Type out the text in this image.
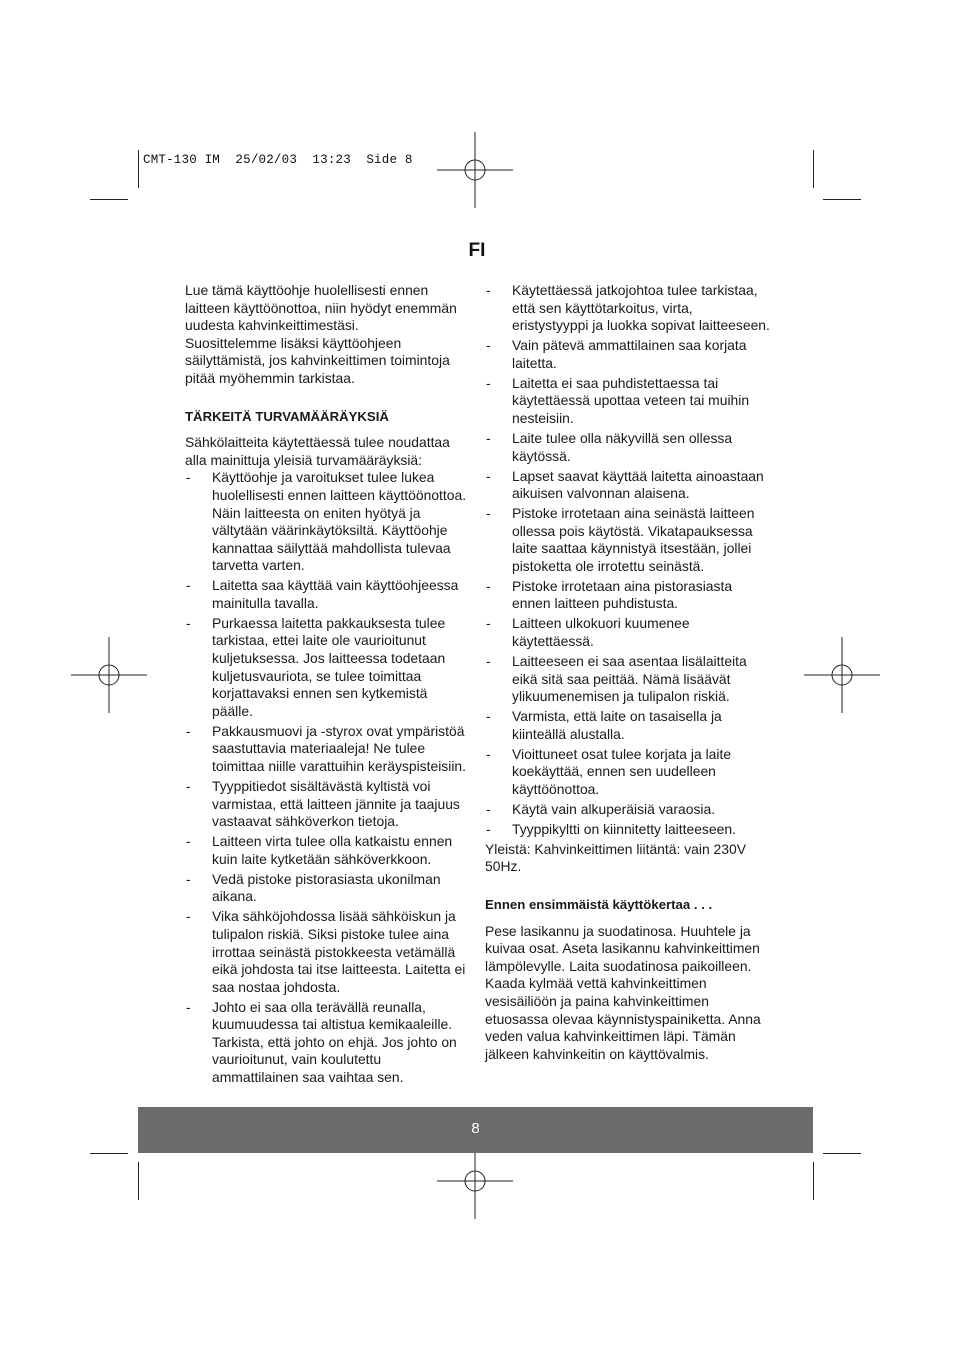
CMT-130 IM  25/02/03  13:23  Side 8
FI

Lue tämä käyttöohje huolellisesti ennen laitteen käyttöönottoa, niin hyödyt enemmän uudesta kahvinkeittimestäsi.
Suosittelemme lisäksi käyttöohjeen säilyttämistä, jos kahvinkeittimen toimintoja pitää myöhemmin tarkistaa.

TÄRKEITÄ TURVAMÄÄRÄYKSIÄ

Sähkölaitteita käytettäessä tulee noudattaa alla mainittuja yleisiä turvamääräyksiä:

- Käyttöohje ja varoitukset tulee lukea huolellisesti ennen laitteen käyttöönottoa. Näin laitteesta on eniten hyötyä ja vältytään väärinkäytöksiltä. Käyttöohje kannattaa säilyttää mahdollista tulevaa tarvetta varten.
- Laitetta saa käyttää vain käyttöohjeessa mainitulla tavalla.
- Purkaessa laitetta pakkauksesta tulee tarkistaa, ettei laite ole vaurioitunut kuljetuksessa. Jos laitteessa todetaan kuljetusvauriota, se tulee toimittaa korjattavaksi ennen sen kytkemistä päälle.
- Pakkausmuovi ja -styrox ovat ympäristöä saastuttavia materiaaleja! Ne tulee toimittaa niille varattuihin keräyspisteisiin.
- Tyyppitiedot sisältävästä kyltistä voi varmistaa, että laitteen jännite ja taajuus vastaavat sähköverkon tietoja.
- Laitteen virta tulee olla katkaistu ennen kuin laite kytketään sähköverkkoon.
- Vedä pistoke pistorasiasta ukonilman aikana.
- Vika sähköjohdossa lisää sähköiskun ja tulipalon riskiä. Siksi pistoke tulee aina irrottaa seinästä pistokkeesta vetämällä eikä johdosta tai itse laitteesta. Laitetta ei saa nostaa johdosta.
- Johto ei saa olla terävällä reunalla, kuumuudessa tai altistua kemikaaleille. Tarkista, että johto on ehjä. Jos johto on vaurioitunut, vain koulutettu ammattilainen saa vaihtaa sen.
- Käytettäessä jatkojohtoa tulee tarkistaa, että sen käyttötarkoitus, virta, eristystyyppi ja luokka sopivat laitteeseen.
- Vain pätevä ammattilainen saa korjata laitetta.
- Laitetta ei saa puhdistettaessa tai käytettäessä upottaa veteen tai muihin nesteisiin.
- Laite tulee olla näkyvillä sen ollessa käytössä.
- Lapset saavat käyttää laitetta ainoastaan aikuisen valvonnan alaisena.
- Pistoke irrotetaan aina seinästä laitteen ollessa pois käytöstä. Vikatapauksessa laite saattaa käynnistyä itsestään, jollei pistoketta ole irrotettu seinästä.
- Pistoke irrotetaan aina pistorasiasta ennen laitteen puhdistusta.
- Laitteen ulkokuori kuumenee käytettäessä.
- Laitteeseen ei saa asentaa lisälaitteita eikä sitä saa peittää. Nämä lisäävät ylikuumenemisen ja tulipalon riskiä.
- Varmista, että laite on tasaisella ja kiinteällä alustalla.
- Vioittuneet osat tulee korjata ja laite koekäyttää, ennen sen uudelleen käyttöönottoa.
- Käytä vain alkuperäisiä varaosia.
- Tyyppikyltti on kiinnitetty laitteeseen.

Yleistä: Kahvinkeittimen liitäntä: vain 230V 50Hz.

Ennen ensimmäistä käyttökertaa . . .

Pese lasikannu ja suodatinosa. Huuhtele ja kuivaa osat. Aseta lasikannu kahvinkeittimen lämpölevylle. Laita suodatinosa paikoilleen. Kaada kylmää vettä kahvinkeittimen vesisäiliöön ja paina kahvinkeittimen etuosassa olevaa käynnistyspainiketta. Anna veden valua kahvinkeittimen läpi. Tämän jälkeen kahvinkeitin on käyttövalmis.

8
